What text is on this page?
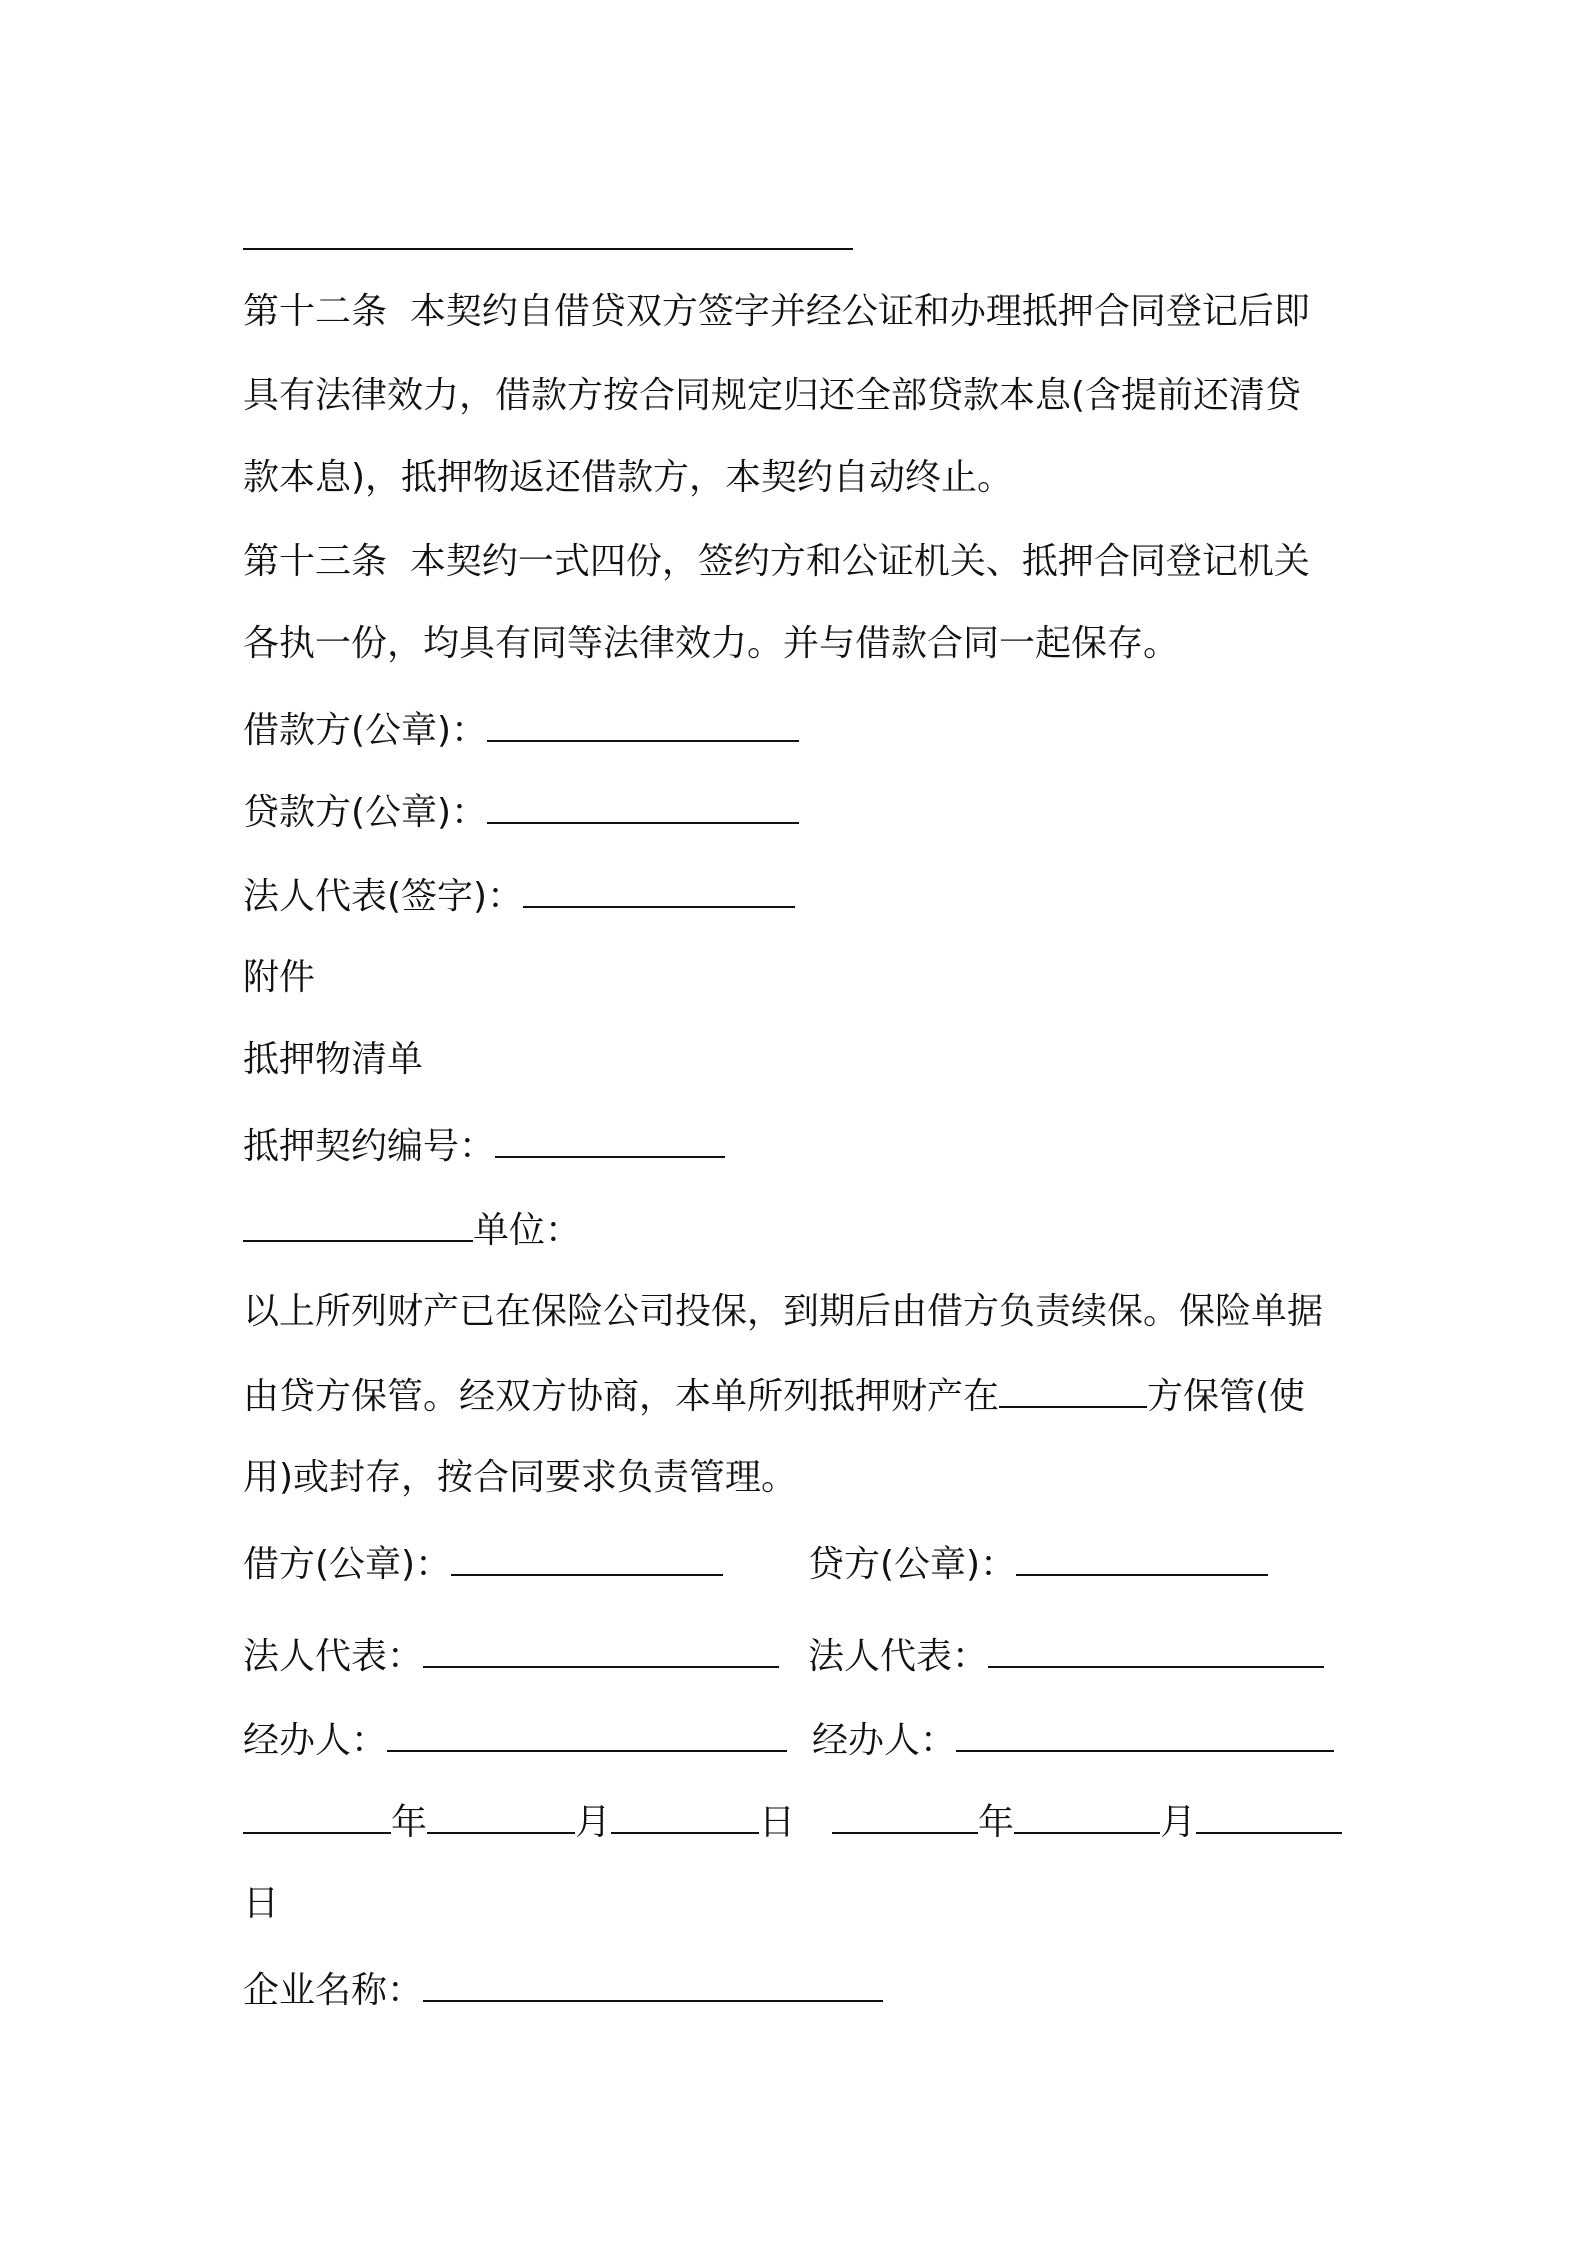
第十二条  本契约自借贷双方签字并经公证和办理抵押合同登记后即
具有法律效力，借款方按合同规定归还全部贷款本息(含提前还清贷
款本息)，抵押物返还借款方，本契约自动终止。
第十三条  本契约一式四份，签约方和公证机关、抵押合同登记机关
各执一份，均具有同等法律效力。并与借款合同一起保存。
借款方(公章)：
贷款方(公章)：
法人代表(签字)：
附件
抵押物清单
抵押契约编号：
单位：
以上所列财产已在保险公司投保，到期后由借方负责续保。保险单据
由贷方保管。经双方协商，本单所列抵押财产在	方保管(使
用)或封存，按合同要求负责管理。
借方(公章)：	贷方(公章)：
法人代表：	法人代表：
经办人：	经办人：
年	月	日	年	月
日
企业名称：
